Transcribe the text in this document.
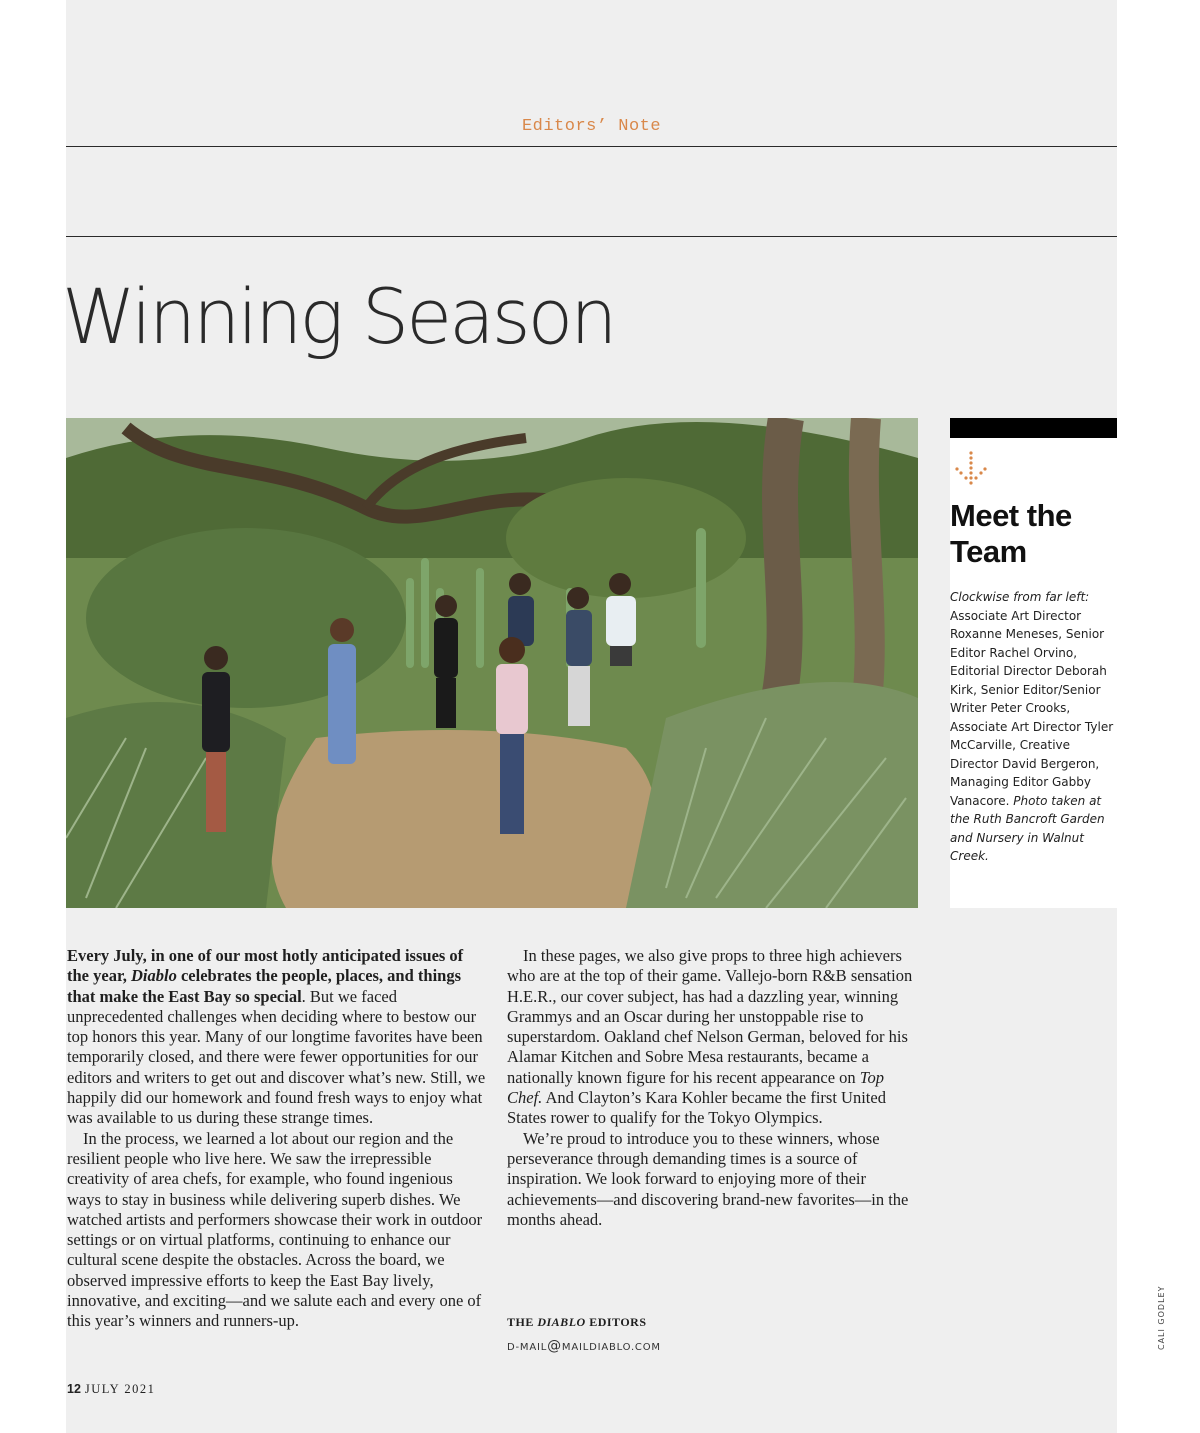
Editors’ Note
Winning Season
Meet the Team
Clockwise from far left: Associate Art Director Roxanne Meneses, Senior Editor Rachel Orvino, Editorial Director Deborah Kirk, Senior Editor/Senior Writer Peter Crooks, Associate Art Director Tyler McCarville, Creative Director David Bergeron, Managing Editor Gabby Vanacore. Photo taken at the Ruth Bancroft Garden and Nursery in Walnut Creek.

Every July, in one of our most hotly anticipated issues of the year, Diablo celebrates the people, places, and things that make the East Bay so special. But we faced unprecedented challenges when deciding where to bestow our top honors this year. Many of our longtime favorites have been temporarily closed, and there were fewer opportunities for our editors and writers to get out and discover what’s new. Still, we happily did our homework and found fresh ways to enjoy what was available to us during these strange times.

In the process, we learned a lot about our region and the resilient people who live here. We saw the irrepressible creativity of area chefs, for example, who found ingenious ways to stay in business while delivering superb dishes. We watched artists and performers showcase their work in outdoor settings or on virtual platforms, continuing to enhance our cultural scene despite the obstacles. Across the board, we observed impressive efforts to keep the East Bay lively, innovative, and exciting—and we salute each and every one of this year’s winners and runners-up.

In these pages, we also give props to three high achievers who are at the top of their game. Vallejo-born R&B sensation H.E.R., our cover subject, has had a dazzling year, winning Grammys and an Oscar during her unstoppable rise to superstardom. Oakland chef Nelson German, beloved for his Alamar Kitchen and Sobre Mesa restaurants, became a nationally known figure for his recent appearance on Top Chef. And Clayton’s Kara Kohler became the first United States rower to qualify for the Tokyo Olympics.

We’re proud to introduce you to these winners, whose perseverance through demanding times is a source of inspiration. We look forward to enjoying more of their achievements—and discovering brand-new favorites—in the months ahead.

THE DIABLO EDITORS
D-MAIL@MAILDIABLO.COM	CALI GODLEY
12 JULY 2021
